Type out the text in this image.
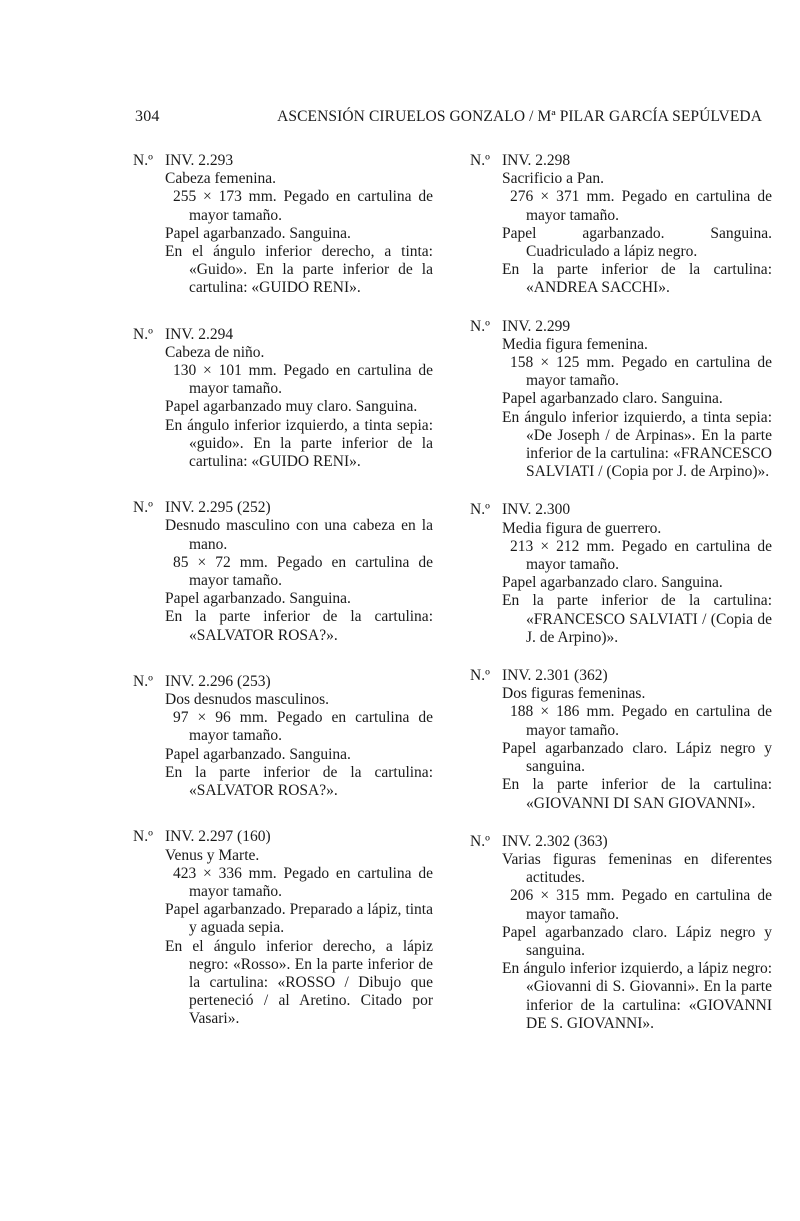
304	ASCENSIÓN CIRUELOS GONZALO / Mª PILAR GARCÍA SEPÚLVEDA
N.º INV. 2.293
Cabeza femenina.
255 × 173 mm. Pegado en cartulina de mayor tamaño.
Papel agarbanzado. Sanguina.
En el ángulo inferior derecho, a tinta: «Guido». En la parte inferior de la cartulina: «GUIDO RENI».
N.º INV. 2.294
Cabeza de niño.
130 × 101 mm. Pegado en cartulina de mayor tamaño.
Papel agarbanzado muy claro. Sanguina.
En ángulo inferior izquierdo, a tinta sepia: «guido». En la parte inferior de la cartulina: «GUIDO RENI».
N.º INV. 2.295 (252)
Desnudo masculino con una cabeza en la mano.
85 × 72 mm. Pegado en cartulina de mayor tamaño.
Papel agarbanzado. Sanguina.
En la parte inferior de la cartulina: «SALVATOR ROSA?».
N.º INV. 2.296 (253)
Dos desnudos masculinos.
97 × 96 mm. Pegado en cartulina de mayor tamaño.
Papel agarbanzado. Sanguina.
En la parte inferior de la cartulina: «SALVATOR ROSA?».
N.º INV. 2.297 (160)
Venus y Marte.
423 × 336 mm. Pegado en cartulina de mayor tamaño.
Papel agarbanzado. Preparado a lápiz, tinta y aguada sepia.
En el ángulo inferior derecho, a lápiz negro: «Rosso». En la parte inferior de la cartulina: «ROSSO / Dibujo que perteneció / al Aretino. Citado por Vasari».
N.º INV. 2.298
Sacrificio a Pan.
276 × 371 mm. Pegado en cartulina de mayor tamaño.
Papel agarbanzado. Sanguina. Cuadriculado a lápiz negro.
En la parte inferior de la cartulina: «ANDREA SACCHI».
N.º INV. 2.299
Media figura femenina.
158 × 125 mm. Pegado en cartulina de mayor tamaño.
Papel agarbanzado claro. Sanguina.
En ángulo inferior izquierdo, a tinta sepia: «De Joseph / de Arpinas». En la parte inferior de la cartulina: «FRANCESCO SALVIATI / (Copia por J. de Arpino)».
N.º INV. 2.300
Media figura de guerrero.
213 × 212 mm. Pegado en cartulina de mayor tamaño.
Papel agarbanzado claro. Sanguina.
En la parte inferior de la cartulina: «FRANCESCO SALVIATI / (Copia de J. de Arpino)».
N.º INV. 2.301 (362)
Dos figuras femeninas.
188 × 186 mm. Pegado en cartulina de mayor tamaño.
Papel agarbanzado claro. Lápiz negro y sanguina.
En la parte inferior de la cartulina: «GIOVANNI DI SAN GIOVANNI».
N.º INV. 2.302 (363)
Varias figuras femeninas en diferentes actitudes.
206 × 315 mm. Pegado en cartulina de mayor tamaño.
Papel agarbanzado claro. Lápiz negro y sanguina.
En ángulo inferior izquierdo, a lápiz negro: «Giovanni di S. Giovanni». En la parte inferior de la cartulina: «GIOVANNI DE S. GIOVANNI».
